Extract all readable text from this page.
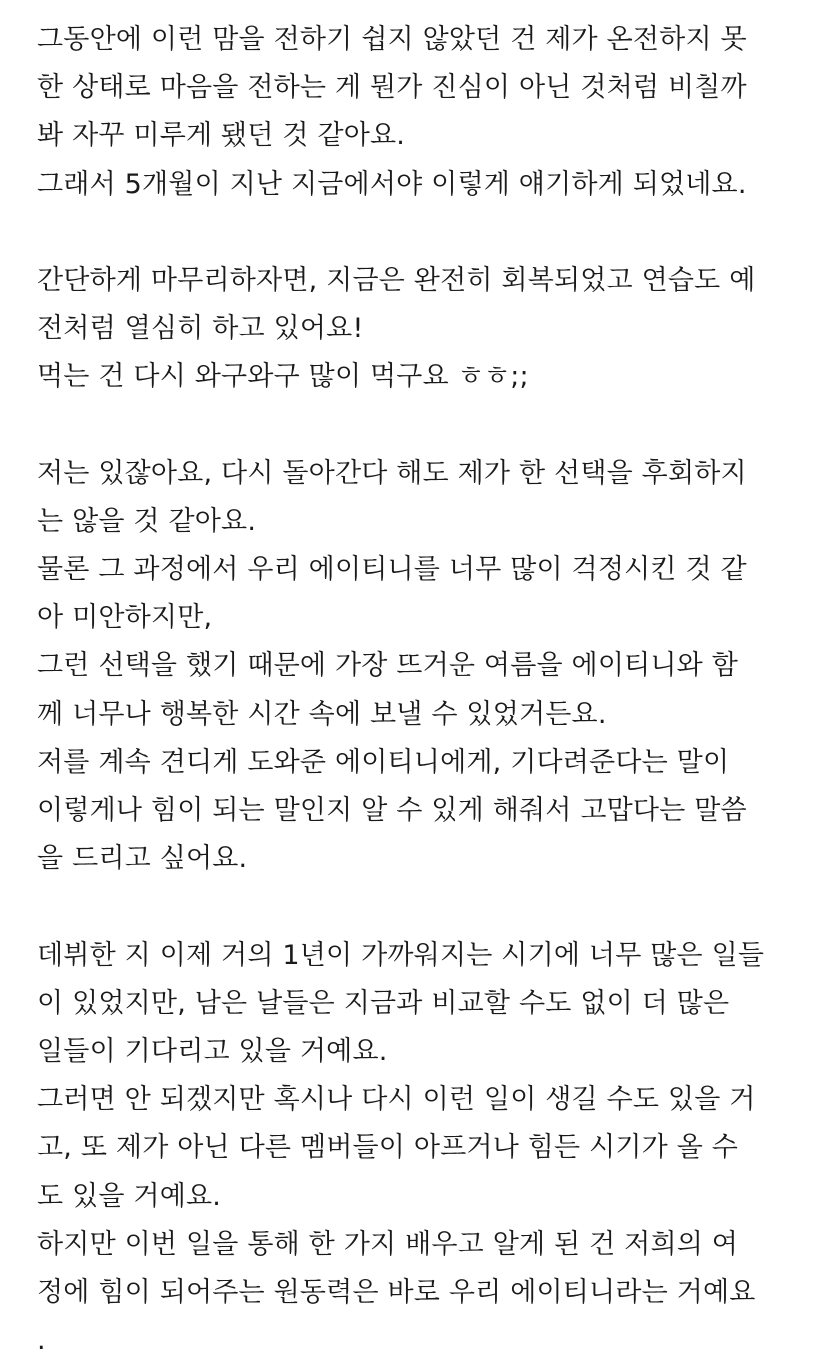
그동안에 이런 맘을 전하기 쉽지 않았던 건 제가 온전하지 못
한 상태로 마음을 전하는 게 뭔가 진심이 아닌 것처럼 비칠까
봐 자꾸 미루게 됐던 것 같아요.
그래서 5개월이 지난 지금에서야 이렇게 얘기하게 되었네요.
간단하게 마무리하자면, 지금은 완전히 회복되었고 연습도 예
전처럼 열심히 하고 있어요!
먹는 건 다시 와구와구 많이 먹구요 ㅎㅎ;;
저는 있잖아요, 다시 돌아간다 해도 제가 한 선택을 후회하지
는 않을 것 같아요.
물론 그 과정에서 우리 에이티니를 너무 많이 걱정시킨 것 같
아 미안하지만,
그런 선택을 했기 때문에 가장 뜨거운 여름을 에이티니와 함
께 너무나 행복한 시간 속에 보낼 수 있었거든요.
저를 계속 견디게 도와준 에이티니에게, 기다려준다는 말이
이렇게나 힘이 되는 말인지 알 수 있게 해줘서 고맙다는 말씀
을 드리고 싶어요.
데뷔한 지 이제 거의 1년이 가까워지는 시기에 너무 많은 일들
이 있었지만, 남은 날들은 지금과 비교할 수도 없이 더 많은
일들이 기다리고 있을 거예요.
그러면 안 되겠지만 혹시나 다시 이런 일이 생길 수도 있을 거
고, 또 제가 아닌 다른 멤버들이 아프거나 힘든 시기가 올 수
도 있을 거예요.
하지만 이번 일을 통해 한 가지 배우고 알게 된 건 저희의 여
정에 힘이 되어주는 원동력은 바로 우리 에이티니라는 거예요
.
